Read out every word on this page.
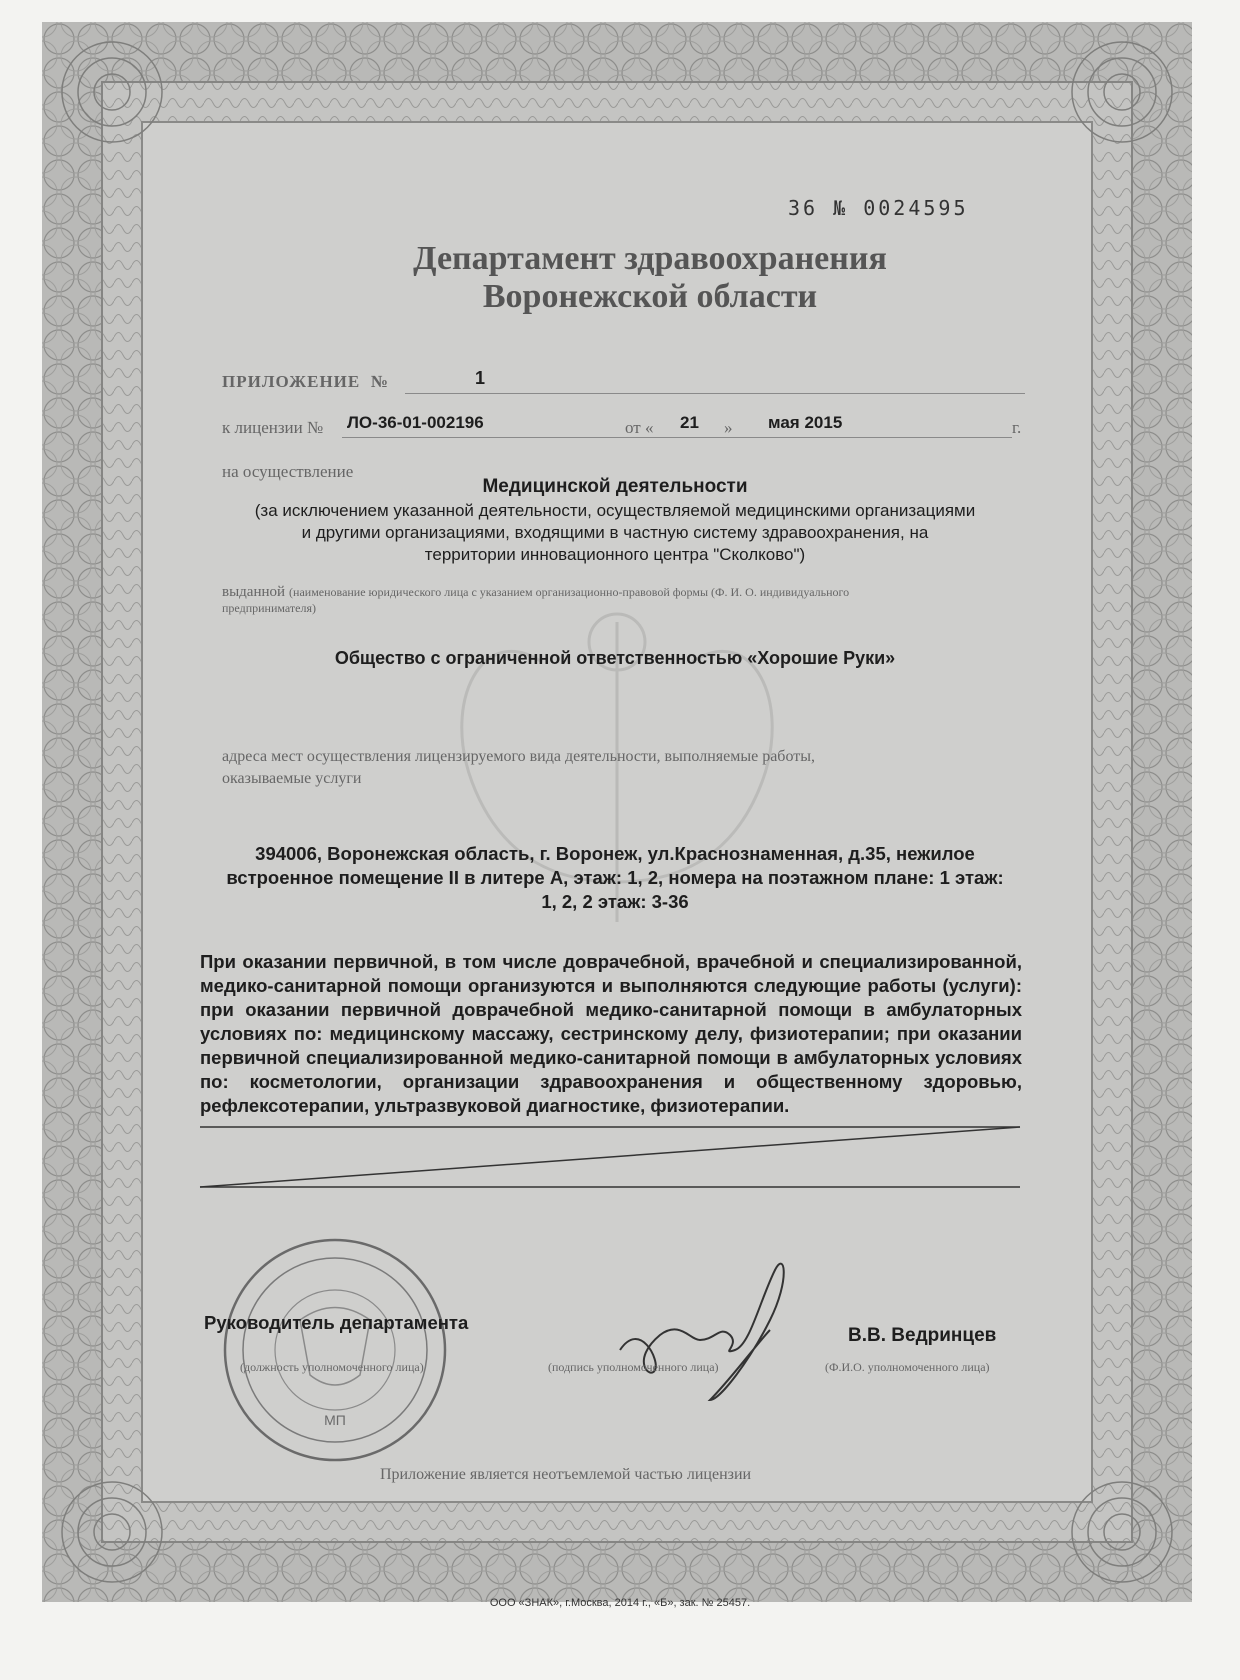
36 № 0024595
Департамент здравоохранения
Воронежской области
ПРИЛОЖЕНИЕ №	1
к лицензии № ЛО-36-01-002196	от « 21 » мая 2015	г.
на осуществление
Медицинской деятельности
(за исключением указанной деятельности, осуществляемой медицинскими организациями
и другими организациями, входящими в частную систему здравоохранения, на
территории инновационного центра "Сколково")
выданной (наименование юридического лица с указанием организационно-правовой формы (Ф. И. О. индивидуального
предпринимателя)
Общество с ограниченной ответственностью «Хорошие Руки»
адреса мест осуществления лицензируемого вида деятельности, выполняемые работы,
оказываемые услуги
394006, Воронежская область, г. Воронеж, ул.Краснознаменная, д.35, нежилое
встроенное помещение II в литере А, этаж: 1, 2, номера на поэтажном плане: 1 этаж:
1, 2, 2 этаж: 3-36
При оказании первичной, в том числе доврачебной, врачебной и специализированной, медико-санитарной помощи организуются и выполняются следующие работы (услуги): при оказании первичной доврачебной медико-санитарной помощи в амбулаторных условиях по: медицинскому массажу, сестринскому делу, физиотерапии; при оказании первичной специализированной медико-санитарной помощи в амбулаторных условиях по: косметологии, организации здравоохранения и общественному здоровью, рефлексотерапии, ультразвуковой диагностике, физиотерапии.
МП
Руководитель департамента
(должность уполномоченного лица)	(подпись уполномоченного лица)
В.В. Ведринцев
(Ф.И.О. уполномоченного лица)
Приложение является неотъемлемой частью лицензии
ООО «ЗНАК», г.Москва, 2014 г., «Б», зак. № 25457.
